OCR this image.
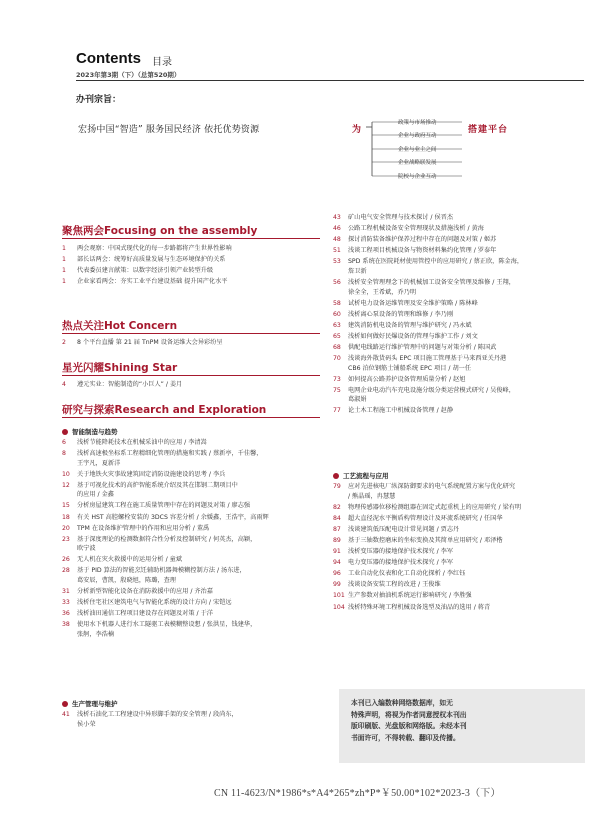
Contents 目录
2023年第3期（下）（总第520期）
办刊宗旨：
宏扬中国“智造” 服务国民经济 依托优势资源	为
政策与市场推动
企业与政府互动
企业与业主之间
企业战略联发展
院校与企业互动
搭建平台
聚焦两会Focusing on the assembly
1	两会观察：中国式现代化的每一步路都将产生世界性影响
1	部长话两会：统筹好高质量发展与生态环境保护的关系
1	代表委员建言献策：以数字经济引领产业转型升级
1	企业家看两会：夯实工业平台建设基础 提升国产化水平
热点关注Hot Concern
2	8 个平台直播 第 21 届 TnPM 设备运维大会异彩纷呈
星光闪耀Shining Star
4	遵元实业：智能制造的“小巨人” / 姜月
研究与探索Research and Exploration
智能制造与趋势
6	浅析节能降耗技术在机械采油中的应用 / 李清嵩
8	浅析高速极坐标系工程精细化管理的措施和实践 / 蔡新亭，千佳馨，
王宇凡，夏新洋
10	关于地铁火灾事故建筑固定消防设施建设的思考 / 李兵
12	基于可视化技术的高炉智能系统介绍及其在邯钢二期项目中
的应用 / 金鑫
15	分析房屋建筑工程在施工质量管理中存在的问题及对策 / 廖志强
18	有关 HST 高腔螺栓安装的 3DCS 容差分析 / 余媛鑫，王浩宇，高雨辉
20	TPM 在设备维护管理中的作用和应用分析 / 董禹
23	基于深度理论的检测数据符合性分析及控制研究 / 何英杰，高颖，
欧宁波
26	无人机在灾火救援中的运用分析 / 童斌
28	基于 PID 算法的智能烹饪辅助机器舞模糊控制方法 / 汤东进，
葛安辰，曹凯，殷晓旭，陈璐，查理
31	分析新型智能化设备在消防救援中的应用 / 齐治嘉
33	浅析住宅社区建筑电气与智能化系统的设计方向 / 宋铠远
36	浅析油田通信工程项目建设存在问题及对策 / 于洋
38	使用水下机器人进行水工隧驱工表模糊整设想 / 张洪星，钱建华，
张舸，李浩楠
生产管理与维护
41	浅析石油化工工程建设中异形脚手架的安全管理 / 段尚东，
侯小荣
43	矿山电气安全管理与技术探讨 / 侯晋杰
46	公路工程机械设备安全管理现状及措施浅析 / 黄海
48	探讨消防装备维护保养过程中存在的问题及对策 / 姬苏
51	浅谈工程项目机械设备与物资材料集约化管理 / 罗泰年
53	SPD 系统在医院耗材使用管控中的应用研究 / 蔡正欣，陈金海，
詹卫新
56	浅析安全管理理念下的机械加工设备安全管理及维修 / 王翔，
徐全全，王希斌，乔乃明
58	试析电力设备运维管理及安全维护策略 / 陈林峰
60	浅析离心泵设备的管理和维修 / 李乃刚
63	建筑消防机电设备的管理与维护研究 / 冯永斌
65	浅析如何做好民爆设备的管理与维护工作 / 刘文
68	供配电线路运行维护管理中的问题与对策分析 / 陈国武
70	浅谈海外散货码头 EPC 项目施工管理基于马来西亚关丹港
CB6 泊位钢筋土铺船系统 EPC 项目 / 胡一任
73	如何提高公路养护设备管理质量分析 / 赵旭
75	电网企业电动汽车充电设施分级分类运营模式研究 / 吴俊峰，
葛淑娟
77	论土木工程施工中机械设备管理 / 赵静
工艺流程与应用
79	应对先进核电厂纵深防御要求的电气系统配置方案与优化研究
/ 熊晶瑶，冉慧慧
82	物理传感器位移检测组器在固定式起重机上的应用研究 / 梁有明
84	超大直径泥水平衡盾构管理设计及环流系统研究 / 任国华
87	浅谈建筑低压配电设计常见问题 / 贾志丹
89	基于三轴数控磨床的坐标变换及其简单应用研究 / 邓泽楷
91	浅析变压器的接地保护技术探究 / 李军
94	电力变压器的接地保护技术探究 / 李军
96	工业自动化仪表和化工自动化探析 / 李红钰
99	浅谈设备安装工程的改进 / 王俊维
101 生产参数对抽油机系统运行影响研究 / 李胜强
104 浅析特殊环境工程机械设备选型及油品的选用 / 蒋青
本刊已入编数种网络数据库，如无
特殊声明，将视为作者同意授权本刊出
版印刷版、光盘版和网络版。未经本刊
书面许可，不得转载、翻印及传播。
CN 11-4623/N*1986*s*A4*265*zh*P*￥50.00*102*2023-3（下）
